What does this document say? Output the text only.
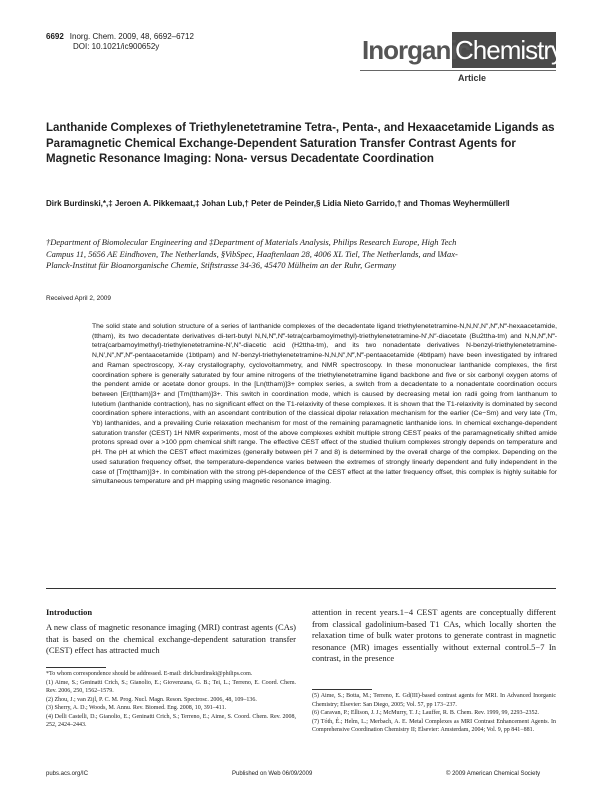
6692 Inorg. Chem. 2009, 48, 6692–6712
DOI: 10.1021/ic900652y	Inorganic
Chemistry
Article
Lanthanide Complexes of Triethylenetetramine Tetra-, Penta-, and Hexaacetamide Ligands as Paramagnetic Chemical Exchange-Dependent Saturation Transfer Contrast Agents for Magnetic Resonance Imaging: Nona- versus Decadentate Coordination
Dirk Burdinski,*,‡ Jeroen A. Pikkemaat,‡ Johan Lub,† Peter de Peinder,§ Lidia Nieto Garrido,† and Thomas Weyhermüller‖
†Department of Biomolecular Engineering and ‡Department of Materials Analysis, Philips Research Europe, High Tech Campus 11, 5656 AE Eindhoven, The Netherlands, §VibSpec, Haaftenlaan 28, 4006 XL Tiel, The Netherlands, and ‖Max-Planck-Institut für Bioanorganische Chemie, Stiftstrasse 34-36, 45470 Mülheim an der Ruhr, Germany
Received April 2, 2009
The solid state and solution structure of a series of lanthanide complexes of the decadentate ligand triethylenetetramine-N,N,N′,N″,N‴,N‴-hexaacetamide, (ttham), its two decadentate derivatives di-tert-butyl N,N,N‴,N‴-tetra(carbamoylmethyl)-triethylenetetramine-N′,N″-diacetate (Bu2ttha-tm) and N,N,N‴,N‴-tetra(carbamoylmethyl)-triethylenetetramine-N′,N″-diacetic acid (H2ttha-tm), and its two nonadentate derivatives N-benzyl-triethylenetetramine-N,N′,N″,N‴,N‴-pentaacetamide (1btlpam) and N′-benzyl-triethylenetetramine-N,N,N″,N‴,N‴-pentaacetamide (4btlpam) have been investigated by infrared and Raman spectroscopy, X-ray crystallography, cyclovoltammetry, and NMR spectroscopy. In these mononuclear lanthanide complexes, the first coordination sphere is generally saturated by four amine nitrogens of the triethylenetetramine ligand backbone and five or six carbonyl oxygen atoms of the pendent amide or acetate donor groups. In the [Ln(ttham)]3+ complex series, a switch from a decadentate to a nonadentate coordination occurs between [Er(ttham)]3+ and [Tm(ttham)]3+. This switch in coordination mode, which is caused by decreasing metal ion radii going from lanthanum to lutetium (lanthanide contraction), has no significant effect on the T1-relaxivity of these complexes. It is shown that the T1-relaxivity is dominated by second coordination sphere interactions, with an ascendant contribution of the classical dipolar relaxation mechanism for the earlier (Ce−Sm) and very late (Tm, Yb) lanthanides, and a prevailing Curie relaxation mechanism for most of the remaining paramagnetic lanthanide ions. In chemical exchange-dependent saturation transfer (CEST) 1H NMR experiments, most of the above complexes exhibit multiple strong CEST peaks of the paramagnetically shifted amide protons spread over a >100 ppm chemical shift range. The effective CEST effect of the studied thulium complexes strongly depends on temperature and pH. The pH at which the CEST effect maximizes (generally between pH 7 and 8) is determined by the overall charge of the complex. Depending on the used saturation frequency offset, the temperature-dependence varies between the extremes of strongly linearly dependent and fully independent in the case of [Tm(ttham)]3+. In combination with the strong pH-dependence of the CEST effect at the latter frequency offset, this complex is highly suitable for simultaneous temperature and pH mapping using magnetic resonance imaging.
Introduction
A new class of magnetic resonance imaging (MRI) contrast agents (CAs) that is based on the chemical exchange-dependent saturation transfer (CEST) effect has attracted much
attention in recent years.1−4 CEST agents are conceptually different from classical gadolinium-based T1 CAs, which locally shorten the relaxation time of bulk water protons to generate contrast in magnetic resonance (MR) images essentially without external control.5−7 In contrast, in the presence

*To whom correspondence should be addressed. E-mail: dirk.burdinski@philips.com.

(1) Aime, S.; Geninatti Crich, S.; Gianolio, E.; Giovenzana, G. B.; Tei, L.; Terreno, E. Coord. Chem. Rev. 2006, 250, 1562–1579.

(2) Zhou, J.; van Zijl, P. C. M. Prog. Nucl. Magn. Reson. Spectrosc. 2006, 48, 109–136.

(3) Sherry, A. D.; Woods, M. Annu. Rev. Biomed. Eng. 2008, 10, 391–411.

(4) Delli Castelli, D.; Gianolio, E.; Geninatti Crich, S.; Terreno, E.; Aime, S. Coord. Chem. Rev. 2008, 252, 2424–2443.

(5) Aime, S.; Botta, M.; Terreno, E. Gd(III)-based contrast agents for MRI. In Advanced Inorganic Chemistry; Elsevier: San Diego, 2005; Vol. 57, pp 173−237.

(6) Caravan, P.; Ellison, J. J.; McMurry, T. J.; Lauffer, R. B. Chem. Rev. 1999, 99, 2293–2352.

(7) Tóth, É.; Helm, L.; Merbach, A. E. Metal Complexes as MRI Contrast Enhancement Agents. In Comprehensive Coordination Chemistry II; Elsevier: Amsterdam, 2004; Vol. 9, pp 841−881.

pubs.acs.org/IC	Published on Web 06/09/2009	© 2009 American Chemical Society
